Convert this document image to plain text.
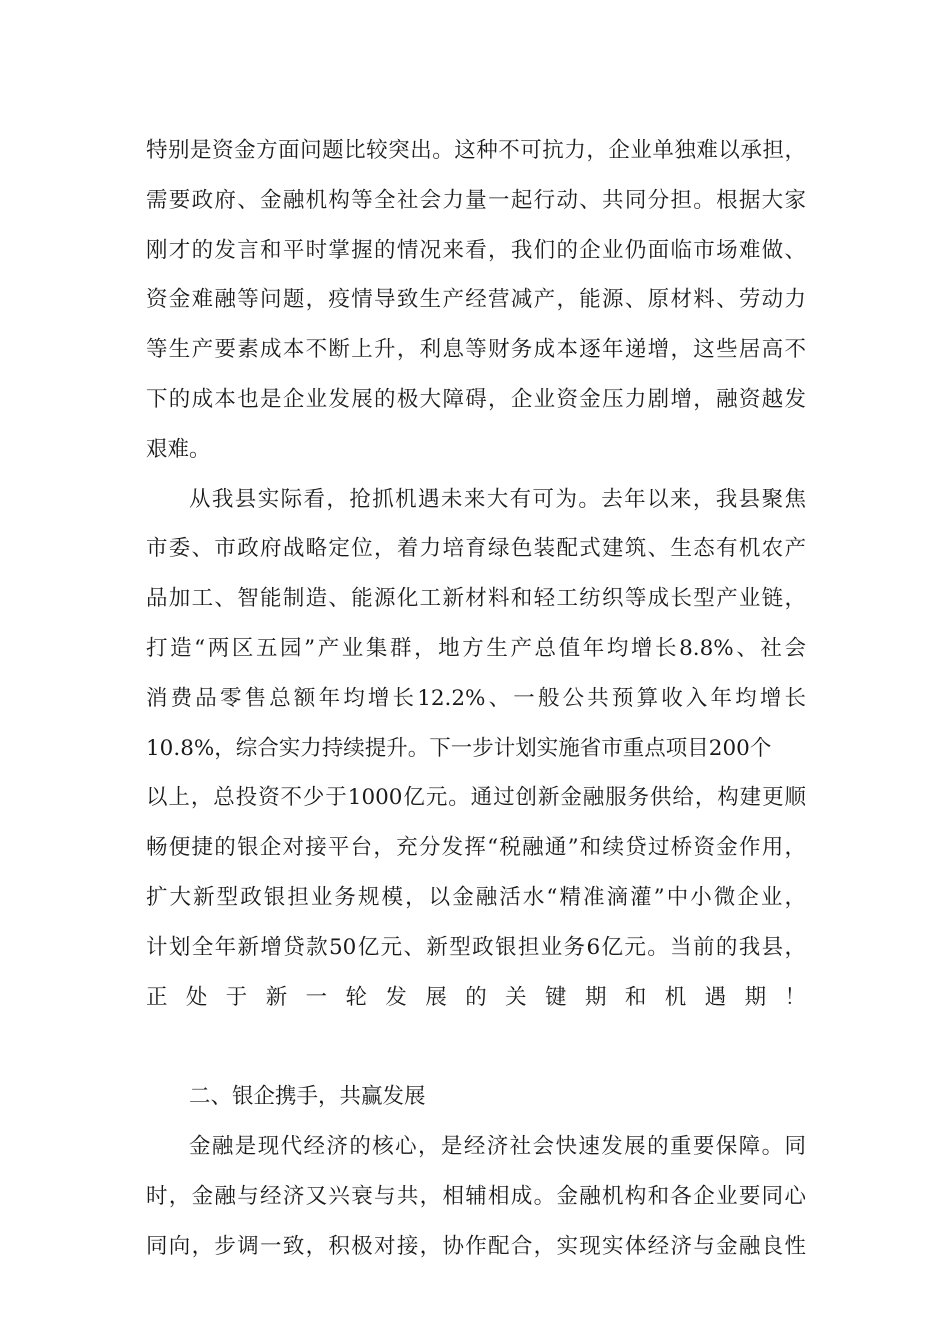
特别是资金方面问题比较突出。这种不可抗力，企业单独难以承担，
需要政府、金融机构等全社会力量一起行动、共同分担。根据大家
刚才的发言和平时掌握的情况来看，我们的企业仍面临市场难做、
资金难融等问题，疫情导致生产经营减产，能源、原材料、劳动力
等生产要素成本不断上升，利息等财务成本逐年递增，这些居高不
下的成本也是企业发展的极大障碍，企业资金压力剧增，融资越发
艰难。
从我县实际看，抢抓机遇未来大有可为。去年以来，我县聚焦
市委、市政府战略定位，着力培育绿色装配式建筑、生态有机农产
品加工、智能制造、能源化工新材料和轻工纺织等成长型产业链，
打造“两区五园”产业集群，地方生产总值年均增长8.8%、社会
消费品零售总额年均增长12.2%、一般公共预算收入年均增长
10.8%，综合实力持续提升。下一步计划实施省市重点项目200个
以上，总投资不少于1000亿元。通过创新金融服务供给，构建更顺
畅便捷的银企对接平台，充分发挥“税融通”和续贷过桥资金作用，
扩大新型政银担业务规模，以金融活水“精准滴灌”中小微企业，
计划全年新增贷款50亿元、新型政银担业务6亿元。当前的我县，
正处于新一轮发展的关键期和机遇期！
二、银企携手，共赢发展
金融是现代经济的核心，是经济社会快速发展的重要保障。同
时，金融与经济又兴衰与共，相辅相成。金融机构和各企业要同心
同向，步调一致，积极对接，协作配合，实现实体经济与金融良性
